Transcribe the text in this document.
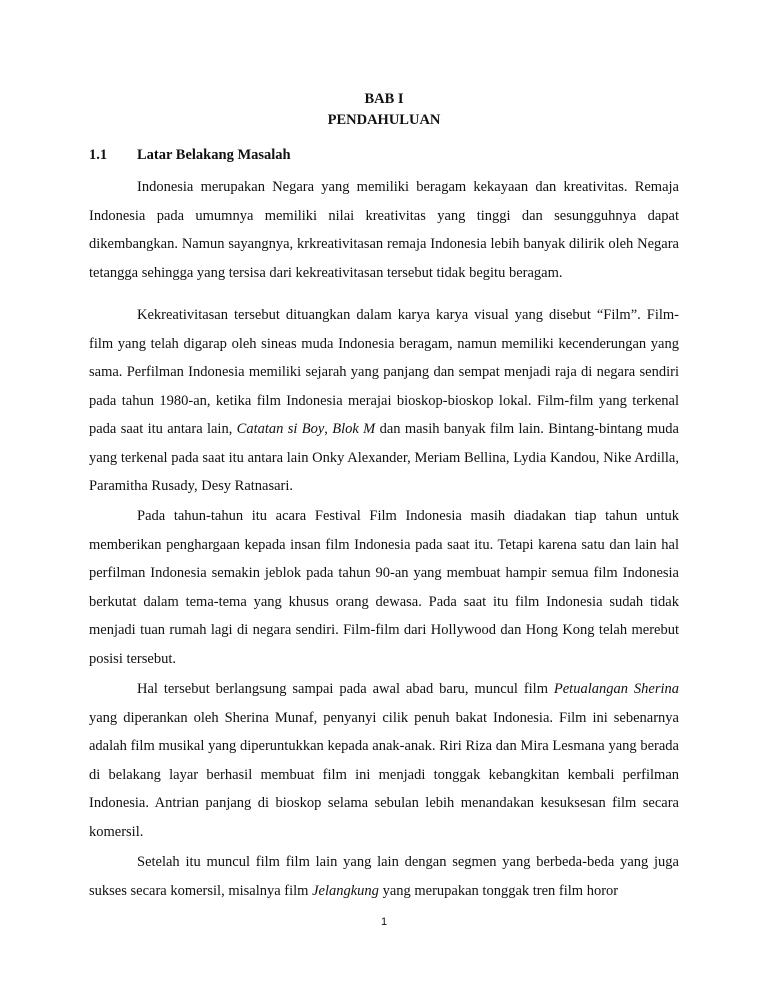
BAB I
PENDAHULUAN
1.1 Latar Belakang Masalah

Indonesia merupakan Negara yang memiliki beragam kekayaan dan kreativitas. Remaja Indonesia pada umumnya memiliki nilai kreativitas yang tinggi dan sesungguhnya dapat dikembangkan. Namun sayangnya, krkreativitasan remaja Indonesia lebih banyak dilirik oleh Negara tetangga sehingga yang tersisa dari kekreativitasan tersebut tidak begitu beragam.

Kekreativitasan tersebut dituangkan dalam karya karya visual yang disebut “Film”. Film-film yang telah digarap oleh sineas muda Indonesia beragam, namun memiliki kecenderungan yang sama. Perfilman Indonesia memiliki sejarah yang panjang dan sempat menjadi raja di negara sendiri pada tahun 1980-an, ketika film Indonesia merajai bioskop-bioskop lokal. Film-film yang terkenal pada saat itu antara lain, Catatan si Boy, Blok M dan masih banyak film lain. Bintang-bintang muda yang terkenal pada saat itu antara lain Onky Alexander, Meriam Bellina, Lydia Kandou, Nike Ardilla, Paramitha Rusady, Desy Ratnasari.

Pada tahun-tahun itu acara Festival Film Indonesia masih diadakan tiap tahun untuk memberikan penghargaan kepada insan film Indonesia pada saat itu. Tetapi karena satu dan lain hal perfilman Indonesia semakin jeblok pada tahun 90-an yang membuat hampir semua film Indonesia berkutat dalam tema-tema yang khusus orang dewasa. Pada saat itu film Indonesia sudah tidak menjadi tuan rumah lagi di negara sendiri. Film-film dari Hollywood dan Hong Kong telah merebut posisi tersebut.

Hal tersebut berlangsung sampai pada awal abad baru, muncul film Petualangan Sherina yang diperankan oleh Sherina Munaf, penyanyi cilik penuh bakat Indonesia. Film ini sebenarnya adalah film musikal yang diperuntukkan kepada anak-anak. Riri Riza dan Mira Lesmana yang berada di belakang layar berhasil membuat film ini menjadi tonggak kebangkitan kembali perfilman Indonesia. Antrian panjang di bioskop selama sebulan lebih menandakan kesuksesan film secara komersil.

Setelah itu muncul film film lain yang lain dengan segmen yang berbeda-beda yang juga sukses secara komersil, misalnya film Jelangkung yang merupakan tonggak tren film horor

1
